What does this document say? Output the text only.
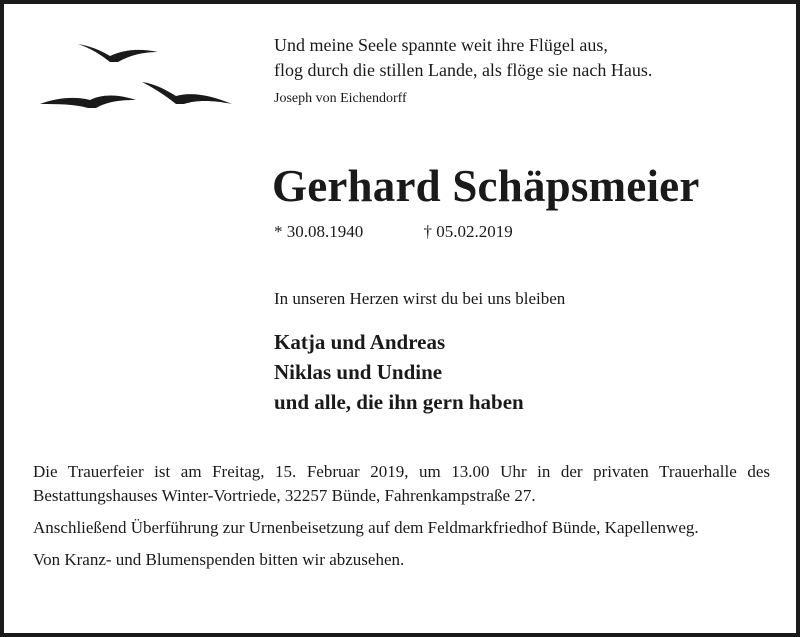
Und meine Seele spannte weit ihre Flügel aus,
flog durch die stillen Lande, als flöge sie nach Haus.
Joseph von Eichendorff
Gerhard Schäpsmeier
* 30.08.1940	† 05.02.2019
In unseren Herzen wirst du bei uns bleiben
Katja und Andreas
Niklas und Undine
und alle, die ihn gern haben

Die Trauerfeier ist am Freitag, 15. Februar 2019, um 13.00 Uhr in der privaten Trauerhalle des Bestattungshauses Winter-Vortriede, 32257 Bünde, Fahrenkampstraße 27.

Anschließend Überführung zur Urnenbeisetzung auf dem Feldmarkfriedhof Bünde, Kapellenweg.

Von Kranz- und Blumenspenden bitten wir abzusehen.
